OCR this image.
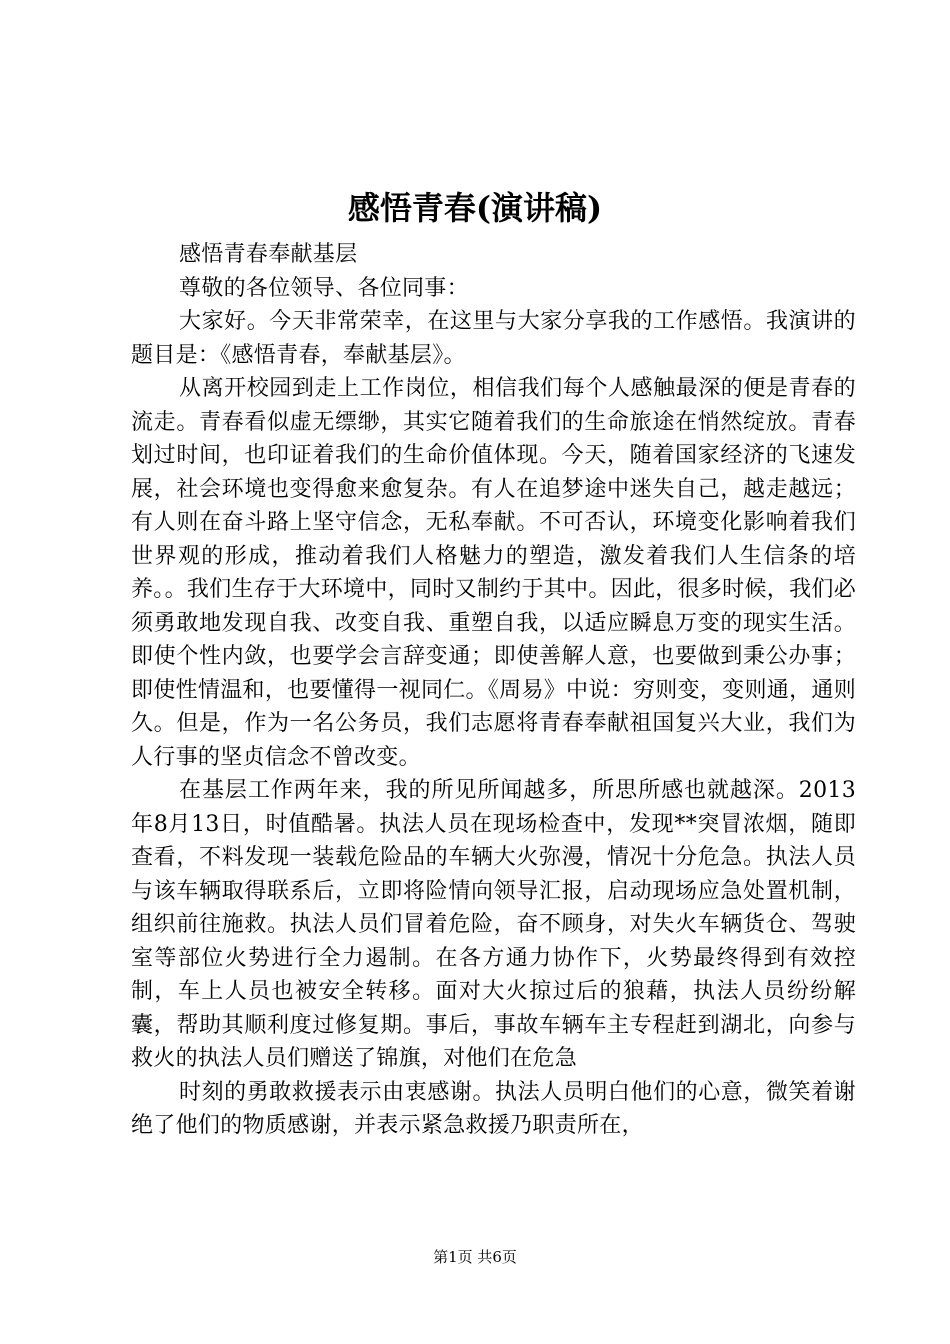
感悟青春(演讲稿)

感悟青春奉献基层

尊敬的各位领导、各位同事：

大家好。今天非常荣幸，在这里与大家分享我的工作感悟。我演讲的题目是：《感悟青春，奉献基层》。

从离开校园到走上工作岗位，相信我们每个人感触最深的便是青春的流走。青春看似虚无缥缈，其实它随着我们的生命旅途在悄然绽放。青春划过时间，也印证着我们的生命价值体现。今天，随着国家经济的飞速发展，社会环境也变得愈来愈复杂。有人在追梦途中迷失自己，越走越远；有人则在奋斗路上坚守信念，无私奉献。不可否认，环境变化影响着我们世界观的形成，推动着我们人格魅力的塑造，激发着我们人生信条的培养。。我们生存于大环境中，同时又制约于其中。因此，很多时候，我们必须勇敢地发现自我、改变自我、重塑自我，以适应瞬息万变的现实生活。即使个性内敛，也要学会言辞变通；即使善解人意，也要做到秉公办事；即使性情温和，也要懂得一视同仁。《周易》中说：穷则变，变则通，通则久。但是，作为一名公务员，我们志愿将青春奉献祖国复兴大业，我们为人行事的坚贞信念不曾改变。

在基层工作两年来，我的所见所闻越多，所思所感也就越深。2013年8月13日，时值酷暑。执法人员在现场检查中，发现**突冒浓烟，随即查看，不料发现一装载危险品的车辆大火弥漫，情况十分危急。执法人员与该车辆取得联系后，立即将险情向领导汇报，启动现场应急处置机制，组织前往施救。执法人员们冒着危险，奋不顾身，对失火车辆货仓、驾驶室等部位火势进行全力遏制。在各方通力协作下，火势最终得到有效控制，车上人员也被安全转移。面对大火掠过后的狼藉，执法人员纷纷解囊，帮助其顺利度过修复期。事后，事故车辆车主专程赶到湖北，向参与救火的执法人员们赠送了锦旗，对他们在危急

时刻的勇敢救援表示由衷感谢。执法人员明白他们的心意，微笑着谢绝了他们的物质感谢，并表示紧急救援乃职责所在，

第1页 共6页
